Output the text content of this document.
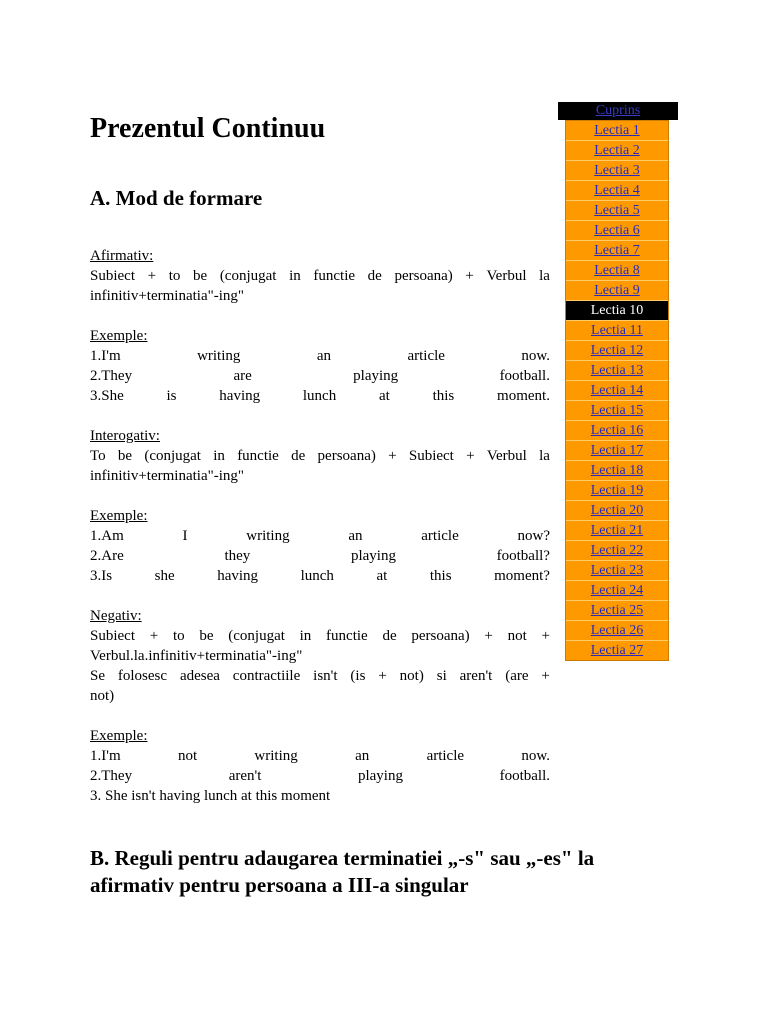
Prezentul Continuu
A. Mod de formare
Afirmativ:
Subiect + to be (conjugat in functie de persoana) + Verbul la
infinitiv+terminatia"-ing"
Exemple:
1.I'm	writing	an	article	now.
2.They	are	playing	football.
3.She	is	having	lunch	at	this	moment.
Interogativ:
To be (conjugat in functie de persoana) + Subiect + Verbul la
infinitiv+terminatia"-ing"
Exemple:
1.Am	I	writing	an	article	now?
2.Are	they	playing	football?
3.Is	she	having	lunch	at	this	moment?
Negativ:
Subiect + to be (conjugat in functie de persoana) + not +
Verbul.la.infinitiv+terminatia"-ing"
Se folosesc adesea contractiile isn't (is + not) si aren't (are +
not)
Exemple:
1.I'm	not	writing	an	article	now.
2.They	aren't	playing	football.
3. She isn't having lunch at this moment
B. Reguli pentru adaugarea terminatiei „-s" sau „-es" la afirmativ pentru persoana a III-a singular
Cuprins
Lectia 1
Lectia 2
Lectia 3
Lectia 4
Lectia 5
Lectia 6
Lectia 7
Lectia 8
Lectia 9
Lectia 10
Lectia 11
Lectia 12
Lectia 13
Lectia 14
Lectia 15
Lectia 16
Lectia 17
Lectia 18
Lectia 19
Lectia 20
Lectia 21
Lectia 22
Lectia 23
Lectia 24
Lectia 25
Lectia 26
Lectia 27
